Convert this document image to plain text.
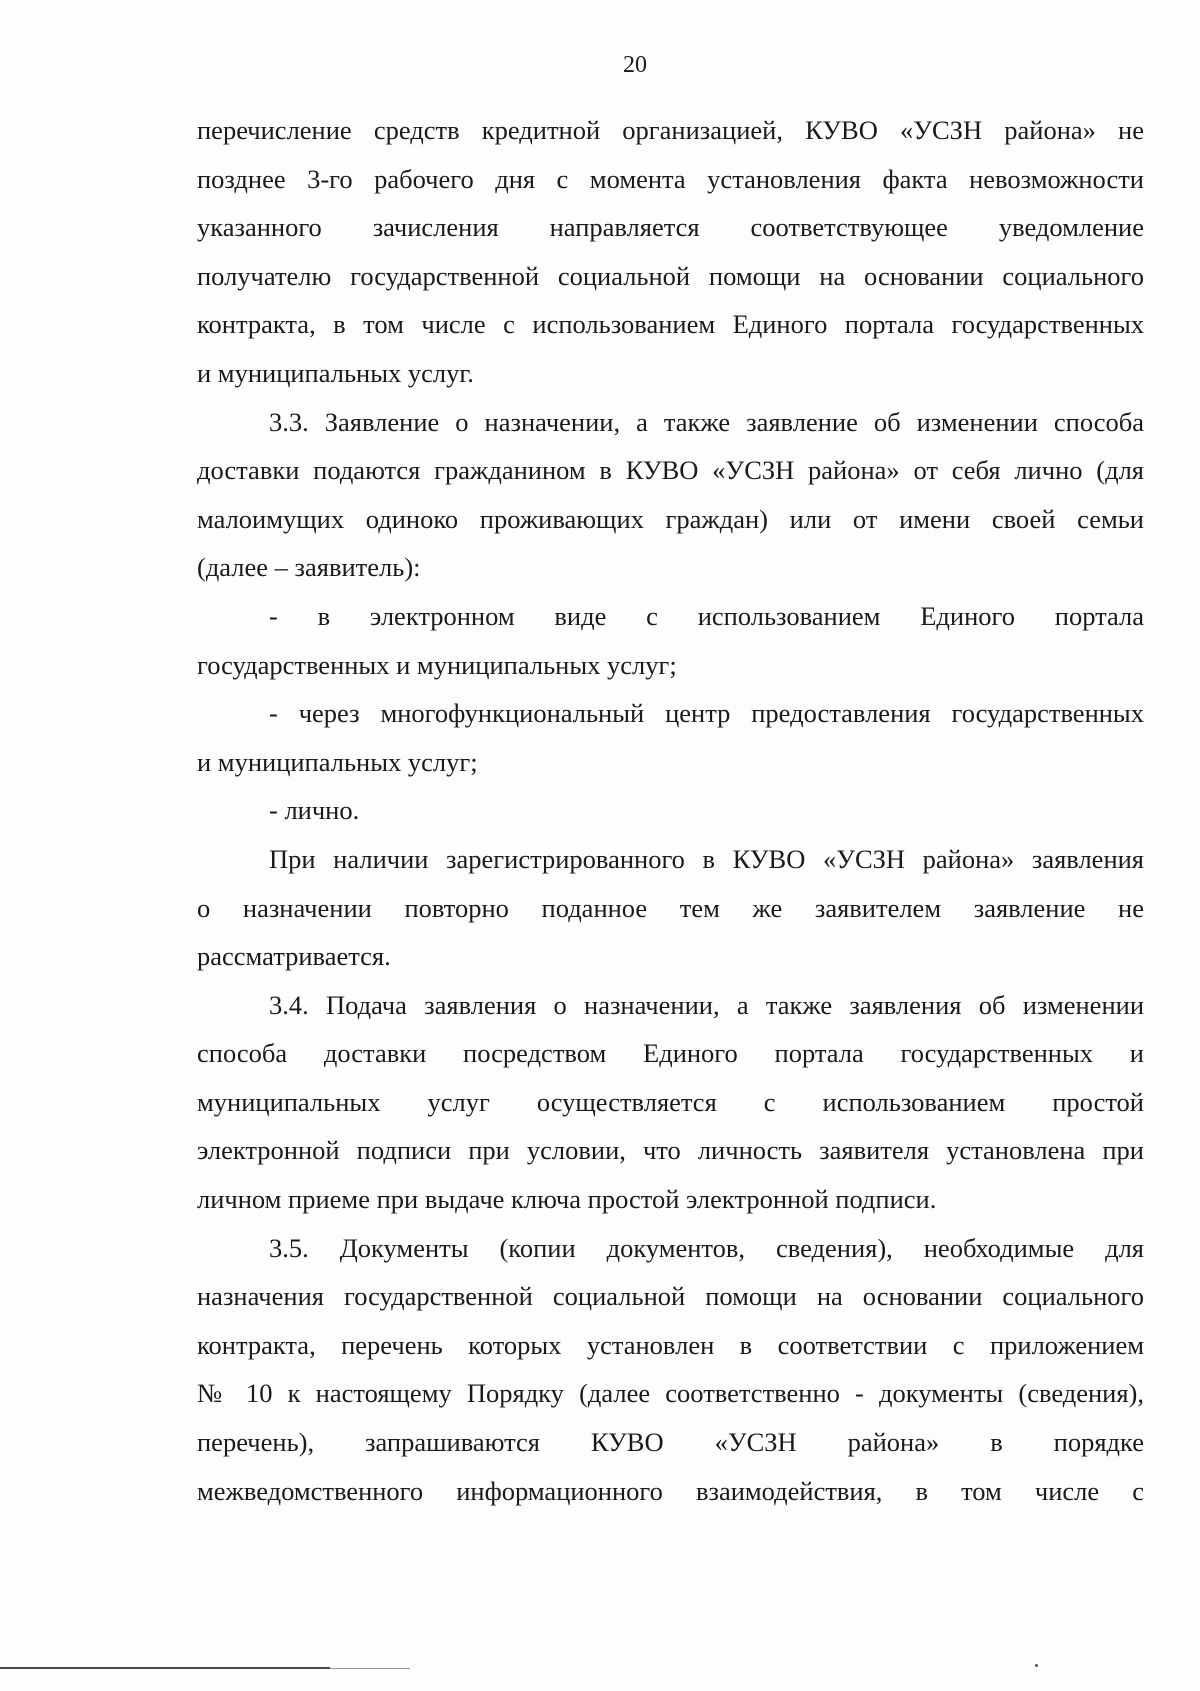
20
перечисление средств кредитной организацией, КУВО «УСЗН района» не
позднее 3-го рабочего дня с момента установления факта невозможности
указанного зачисления направляется соответствующее уведомление
получателю государственной социальной помощи на основании социального
контракта, в том числе с использованием Единого портала государственных
и муниципальных услуг.
3.3. Заявление о назначении, а также заявление об изменении способа
доставки подаются гражданином в КУВО «УСЗН района» от себя лично (для
малоимущих одиноко проживающих граждан) или от имени своей семьи
(далее – заявитель):
- в электронном виде с использованием Единого портала
государственных и муниципальных услуг;
- через многофункциональный центр предоставления государственных
и муниципальных услуг;
- лично.
При наличии зарегистрированного в КУВО «УСЗН района» заявления
о назначении повторно поданное тем же заявителем заявление не
рассматривается.
3.4. Подача заявления о назначении, а также заявления об изменении
способа доставки посредством Единого портала государственных и
муниципальных услуг осуществляется с использованием простой
электронной подписи при условии, что личность заявителя установлена при
личном приеме при выдаче ключа простой электронной подписи.
3.5. Документы (копии документов, сведения), необходимые для
назначения государственной социальной помощи на основании социального
контракта, перечень которых установлен в соответствии с приложением
№ 10 к настоящему Порядку (далее соответственно - документы (сведения),
перечень), запрашиваются КУВО «УСЗН района» в порядке
межведомственного информационного взаимодействия, в том числе с
